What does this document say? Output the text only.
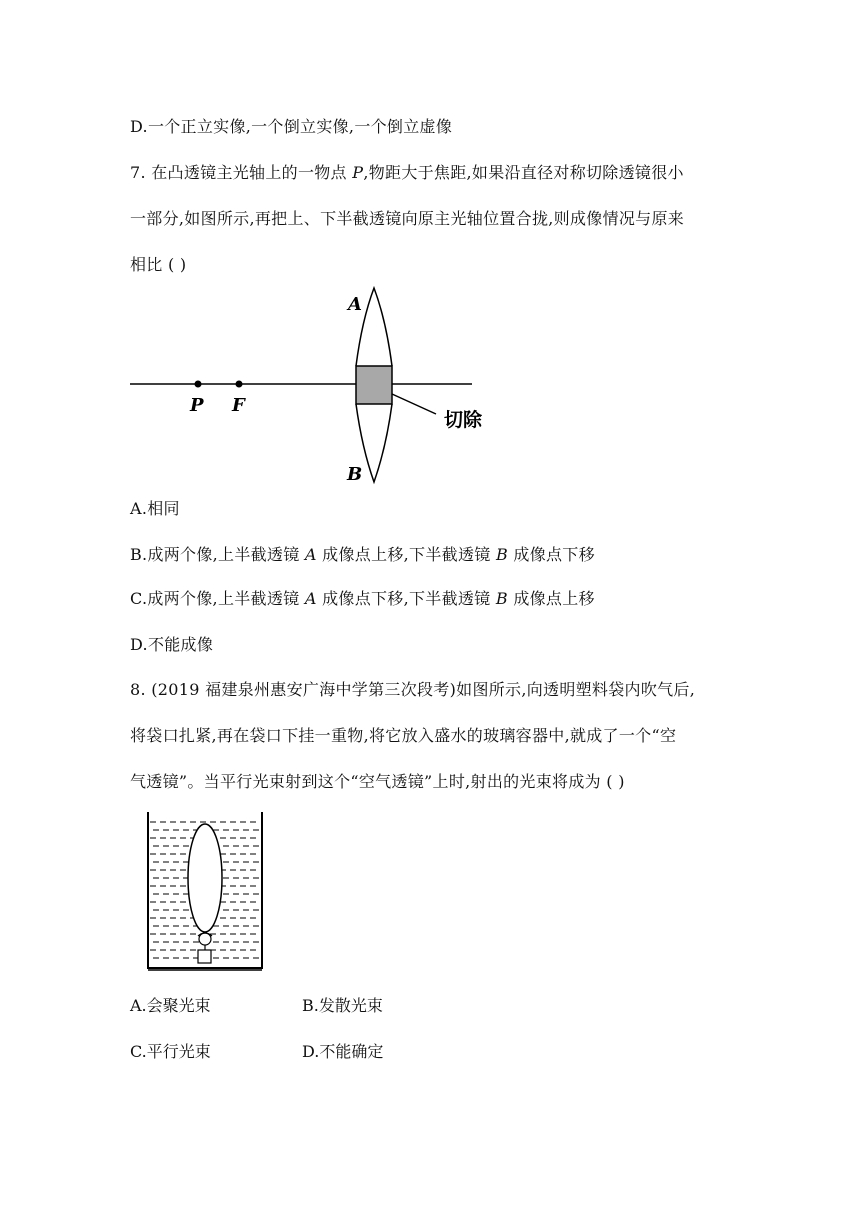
D.一个正立实像,一个倒立实像,一个倒立虚像
7. 在凸透镜主光轴上的一物点 P,物距大于焦距,如果沿直径对称切除透镜很小
一部分,如图所示,再把上、下半截透镜向原主光轴位置合拢,则成像情况与原来
相比 ( )
A
B
P F
切除
A.相同
B.成两个像,上半截透镜 A 成像点上移,下半截透镜 B 成像点下移
C.成两个像,上半截透镜 A 成像点下移,下半截透镜 B 成像点上移
D.不能成像
8. (2019 福建泉州惠安广海中学第三次段考)如图所示,向透明塑料袋内吹气后,
将袋口扎紧,再在袋口下挂一重物,将它放入盛水的玻璃容器中,就成了一个“空
气透镜”。当平行光束射到这个“空气透镜”上时,射出的光束将成为 ( )
A.会聚光束	B.发散光束
C.平行光束	D.不能确定
